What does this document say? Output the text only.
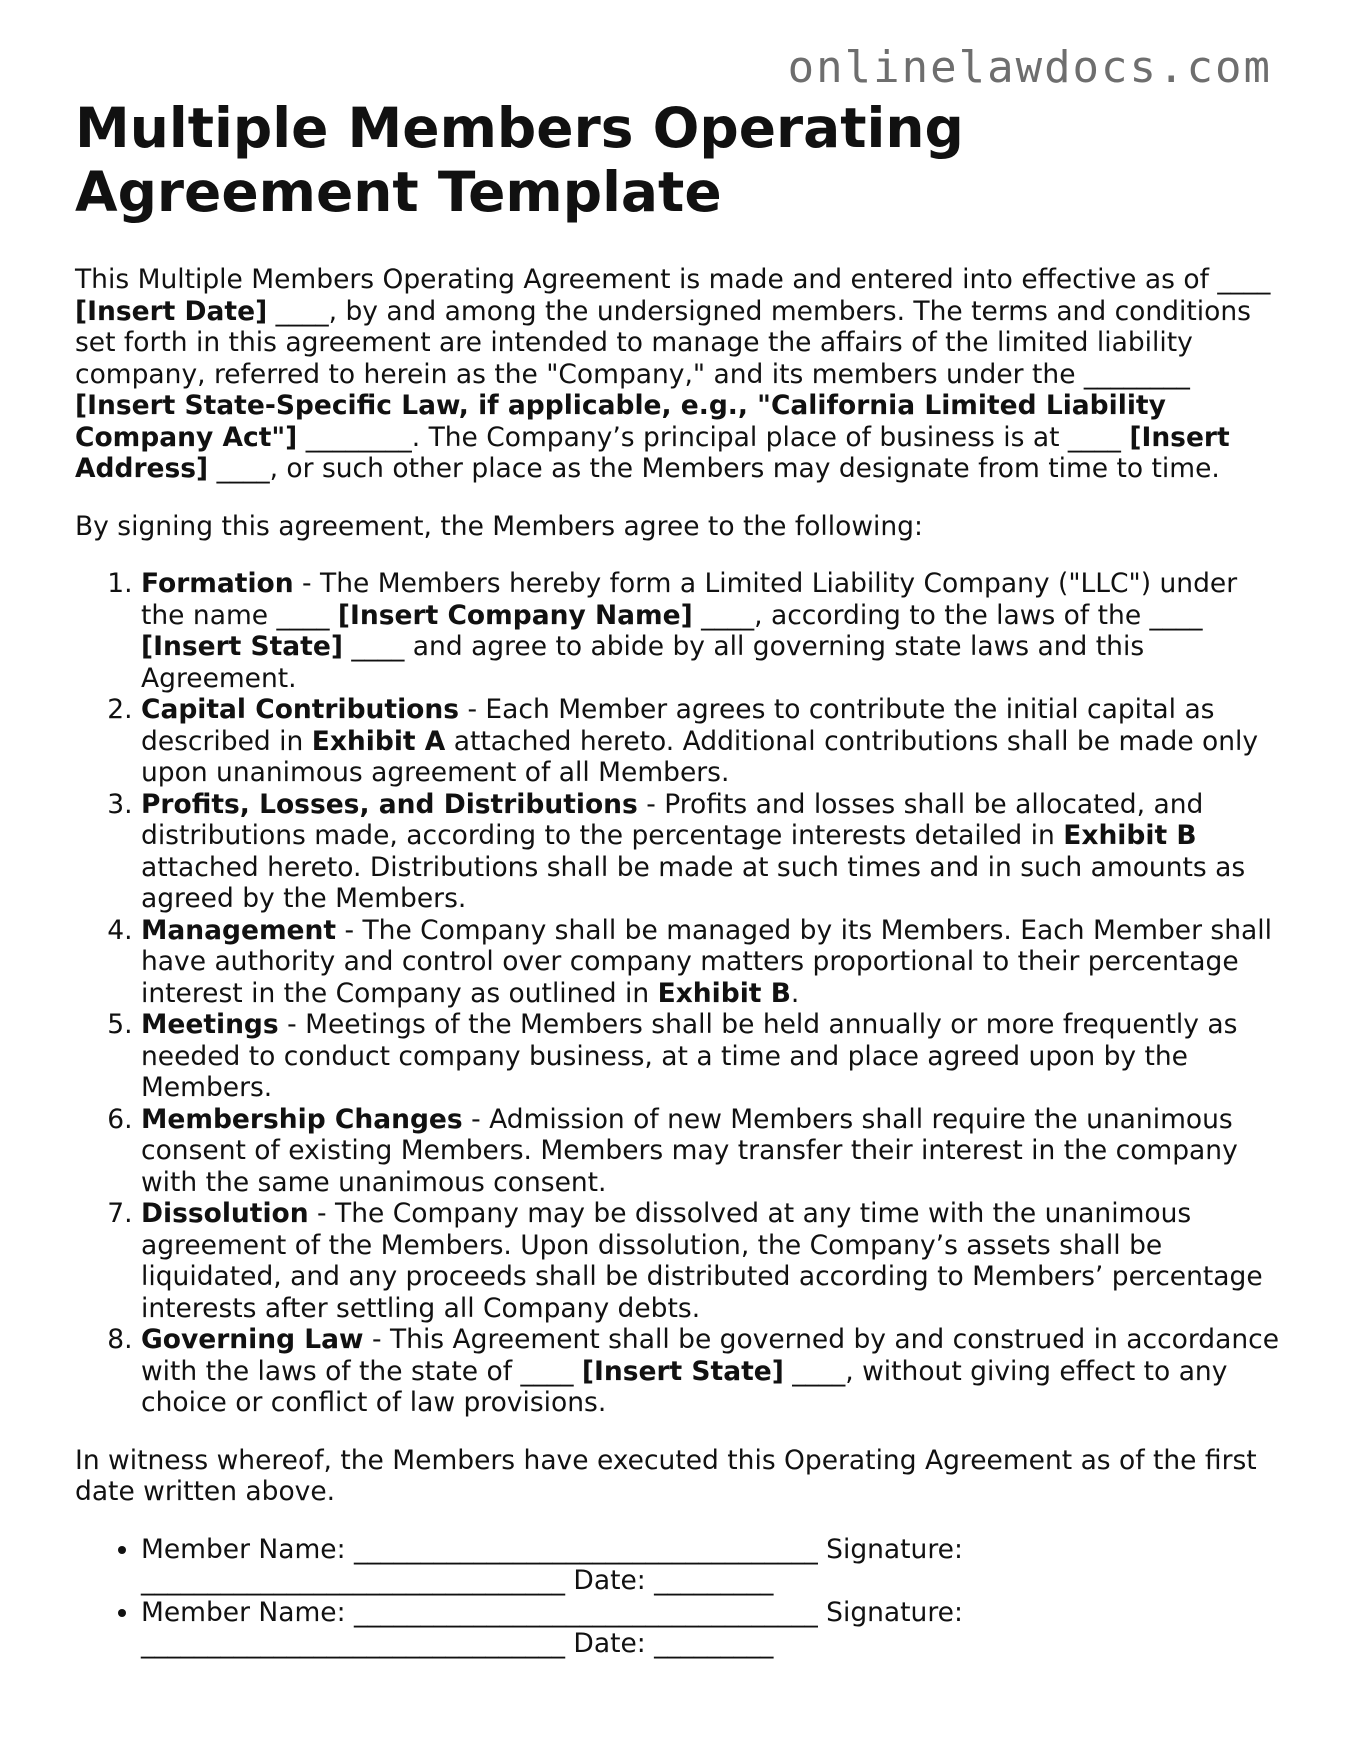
onlinelawdocs.com
Multiple Members Operating
Agreement Template

This Multiple Members Operating Agreement is made and entered into effective as of ____ [Insert Date] ____, by and among the undersigned members. The terms and conditions set forth in this agreement are intended to manage the affairs of the limited liability company, referred to herein as the "Company," and its members under the ________ [Insert State-Specific Law, if applicable, e.g., "California Limited Liability Company Act"] ________. The Company’s principal place of business is at ____ [Insert Address] ____, or such other place as the Members may designate from time to time.

By signing this agreement, the Members agree to the following:

1. Formation - The Members hereby form a Limited Liability Company ("LLC") under the name ____ [Insert Company Name] ____, according to the laws of the ____ [Insert State] ____ and agree to abide by all governing state laws and this Agreement.
2. Capital Contributions - Each Member agrees to contribute the initial capital as described in Exhibit A attached hereto. Additional contributions shall be made only upon unanimous agreement of all Members.
3. Profits, Losses, and Distributions - Profits and losses shall be allocated, and distributions made, according to the percentage interests detailed in Exhibit B attached hereto. Distributions shall be made at such times and in such amounts as agreed by the Members.
4. Management - The Company shall be managed by its Members. Each Member shall have authority and control over company matters proportional to their percentage interest in the Company as outlined in Exhibit B.
5. Meetings - Meetings of the Members shall be held annually or more frequently as needed to conduct company business, at a time and place agreed upon by the Members.
6. Membership Changes - Admission of new Members shall require the unanimous consent of existing Members. Members may transfer their interest in the company with the same unanimous consent.
7. Dissolution - The Company may be dissolved at any time with the unanimous agreement of the Members. Upon dissolution, the Company’s assets shall be liquidated, and any proceeds shall be distributed according to Members’ percentage interests after settling all Company debts.
8. Governing Law - This Agreement shall be governed by and construed in accordance with the laws of the state of ____ [Insert State] ____, without giving effect to any choice or conflict of law provisions.

In witness whereof, the Members have executed this Operating Agreement as of the first date written above.

• Member Name: ___________________________________ Signature: ________________________________ Date: _________
• Member Name: ___________________________________ Signature: ________________________________ Date: _________
